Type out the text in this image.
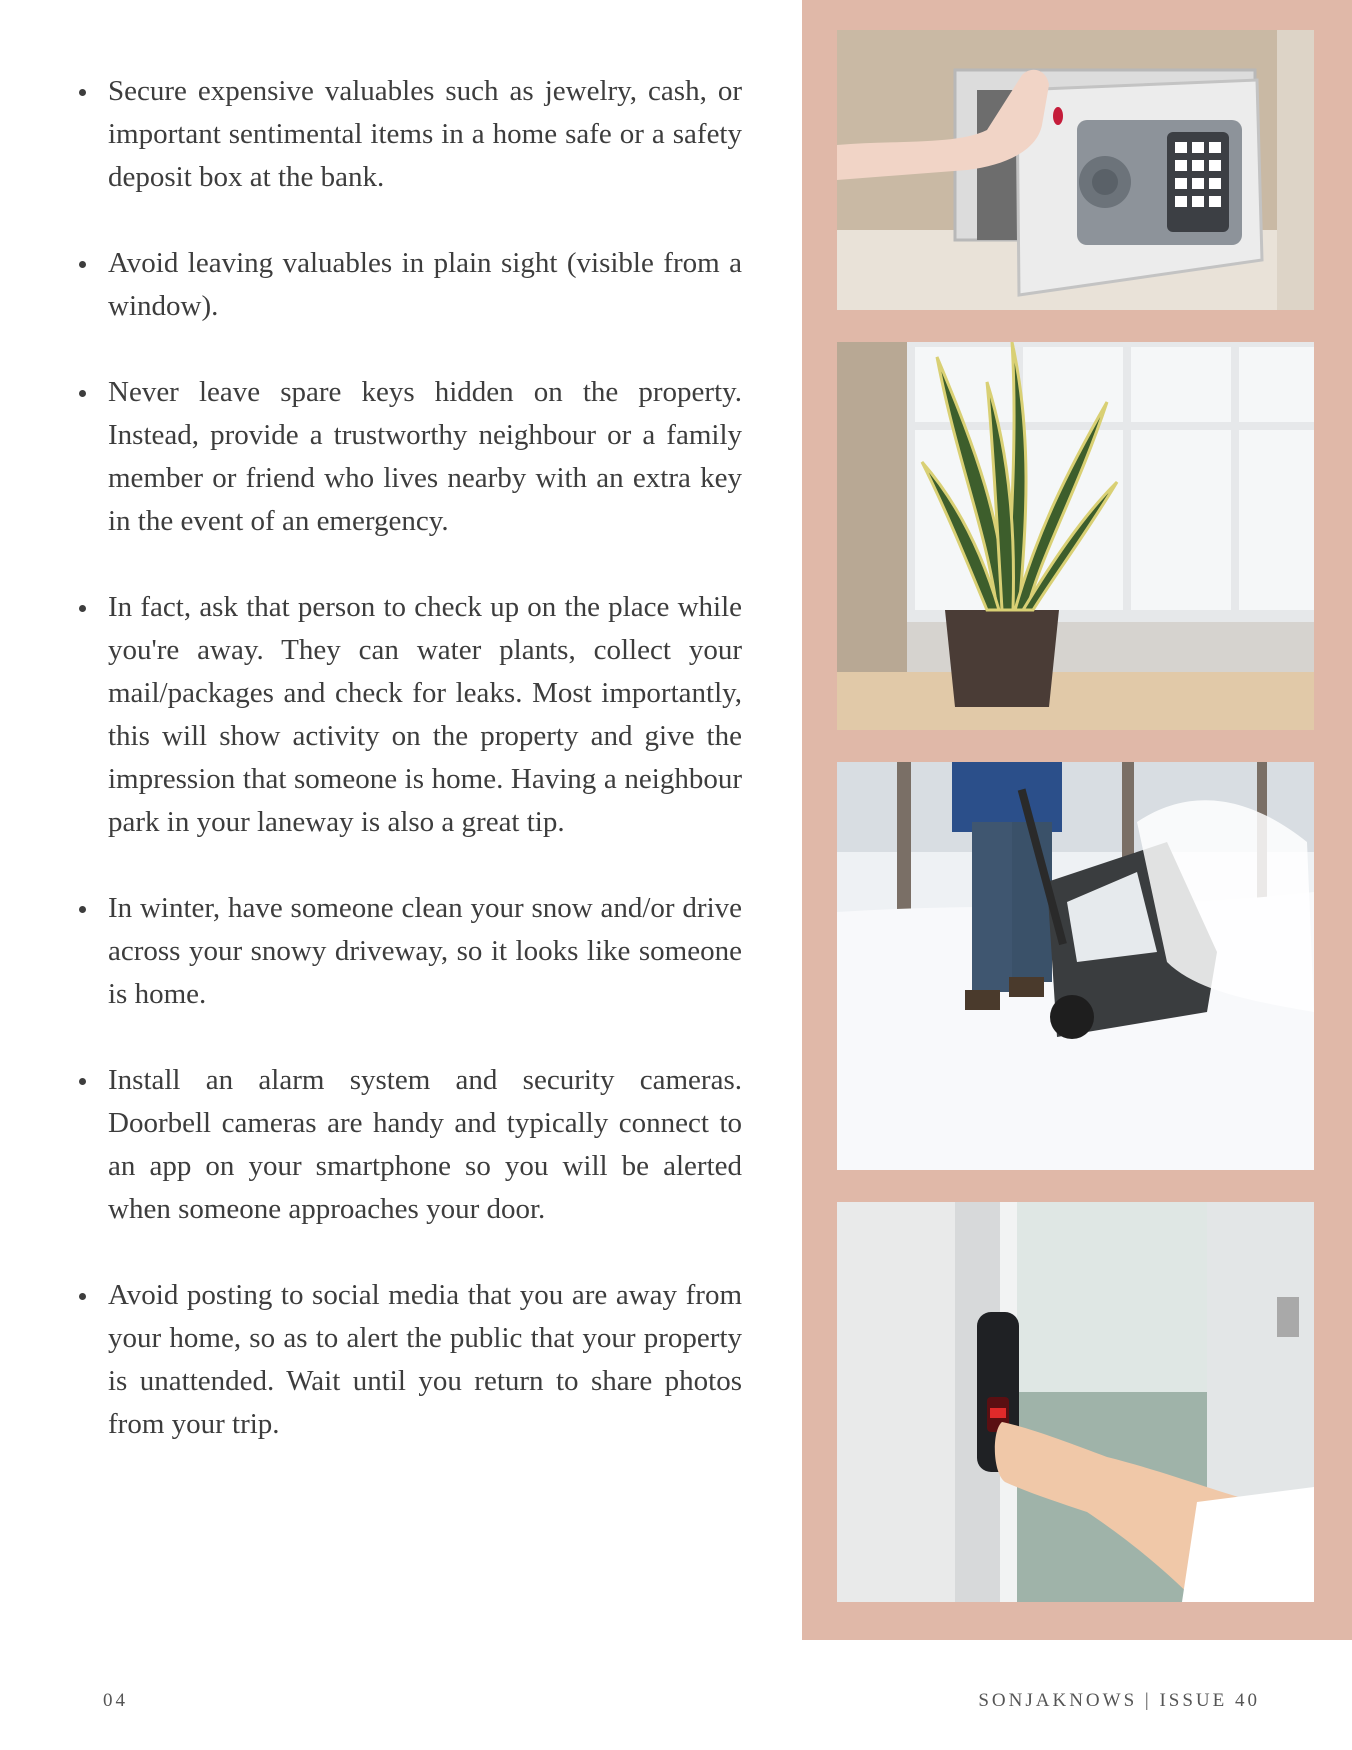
Secure expensive valuables such as jewelry, cash, or important sentimental items in a home safe or a safety deposit box at the bank.
Avoid leaving valuables in plain sight (visible from a window).
Never leave spare keys hidden on the property. Instead, provide a trustworthy neighbour or a family member or friend who lives nearby with an extra key in the event of an emergency.
In fact, ask that person to check up on the place while you're away. They can water plants, collect your mail/packages and check for leaks. Most importantly, this will show activity on the property and give the impression that someone is home. Having a neighbour park in your laneway is also a great tip.
In winter, have someone clean your snow and/or drive across your snowy driveway, so it looks like someone is home.
Install an alarm system and security cameras. Doorbell cameras are handy and typically connect to an app on your smartphone so you will be alerted when someone approaches your door.
Avoid posting to social media that you are away from your home, so as to alert the public that your property is unattended. Wait until you return to share photos from your trip.
04	SONJAKNOWS | ISSUE 40
